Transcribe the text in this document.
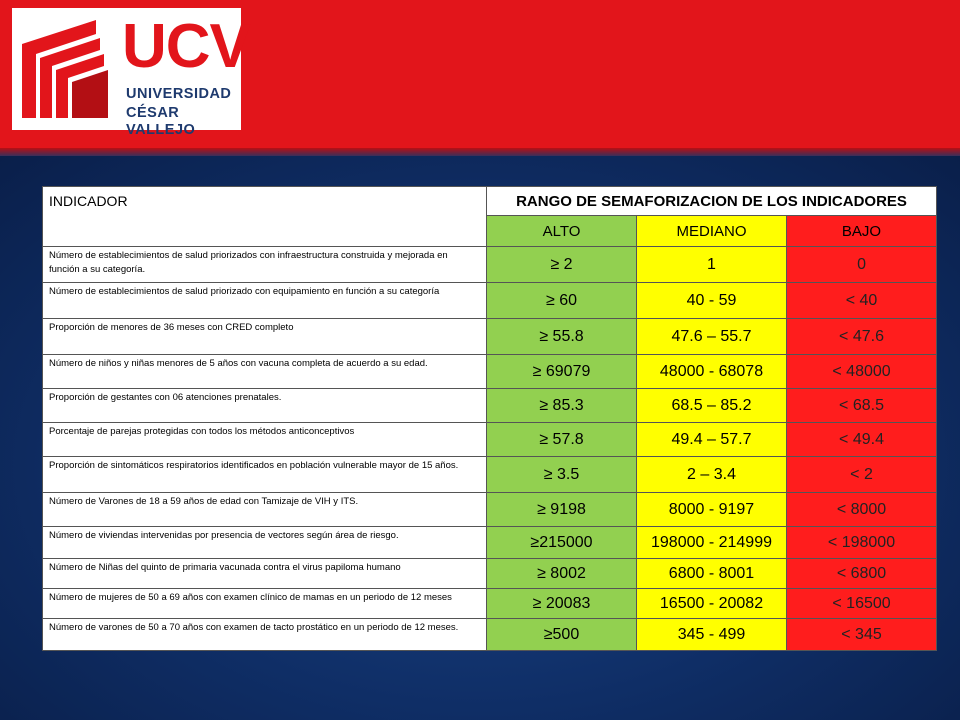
UCV
UNIVERSIDAD
CÉSAR VALLEJO
INDICADOR	RANGO DE SEMAFORIZACION DE LOS INDICADORES		
	ALTO	MEDIANO	BAJO
Número de establecimientos de salud priorizados con infraestructura construida y mejorada en función a su categoría.	≥ 2	1	0
Número de establecimientos de salud priorizado con equipamiento en función a su categoría	≥ 60	40 - 59	< 40
Proporción de menores de 36 meses con CRED completo	≥ 55.8	47.6 – 55.7	< 47.6
Número de niños y niñas menores de 5 años con vacuna completa de acuerdo a su edad.	≥ 69079	48000 - 68078	< 48000
Proporción de gestantes con 06 atenciones prenatales.	≥ 85.3	68.5 – 85.2	< 68.5
Porcentaje de parejas protegidas con todos los métodos anticonceptivos	≥ 57.8	49.4 – 57.7	< 49.4
Proporción de sintomáticos respiratorios identificados en población vulnerable mayor de 15 años.	≥ 3.5	2 – 3.4	< 2
Número de Varones de 18 a 59 años de edad con Tamizaje de VIH y ITS.	≥ 9198	8000 - 9197	< 8000
Número de viviendas intervenidas por presencia de vectores según área de riesgo.	≥215000	198000 - 214999	< 198000
Número de Niñas del quinto de primaria vacunada contra el virus papiloma humano	≥ 8002	6800 - 8001	< 6800
Número de mujeres de 50 a 69 años con examen clínico de mamas en un periodo de 12 meses	≥ 20083	16500 - 20082	< 16500
Número de varones de 50 a 70 años con examen de tacto prostático en un periodo de 12 meses.	≥500	345 - 499	< 345
